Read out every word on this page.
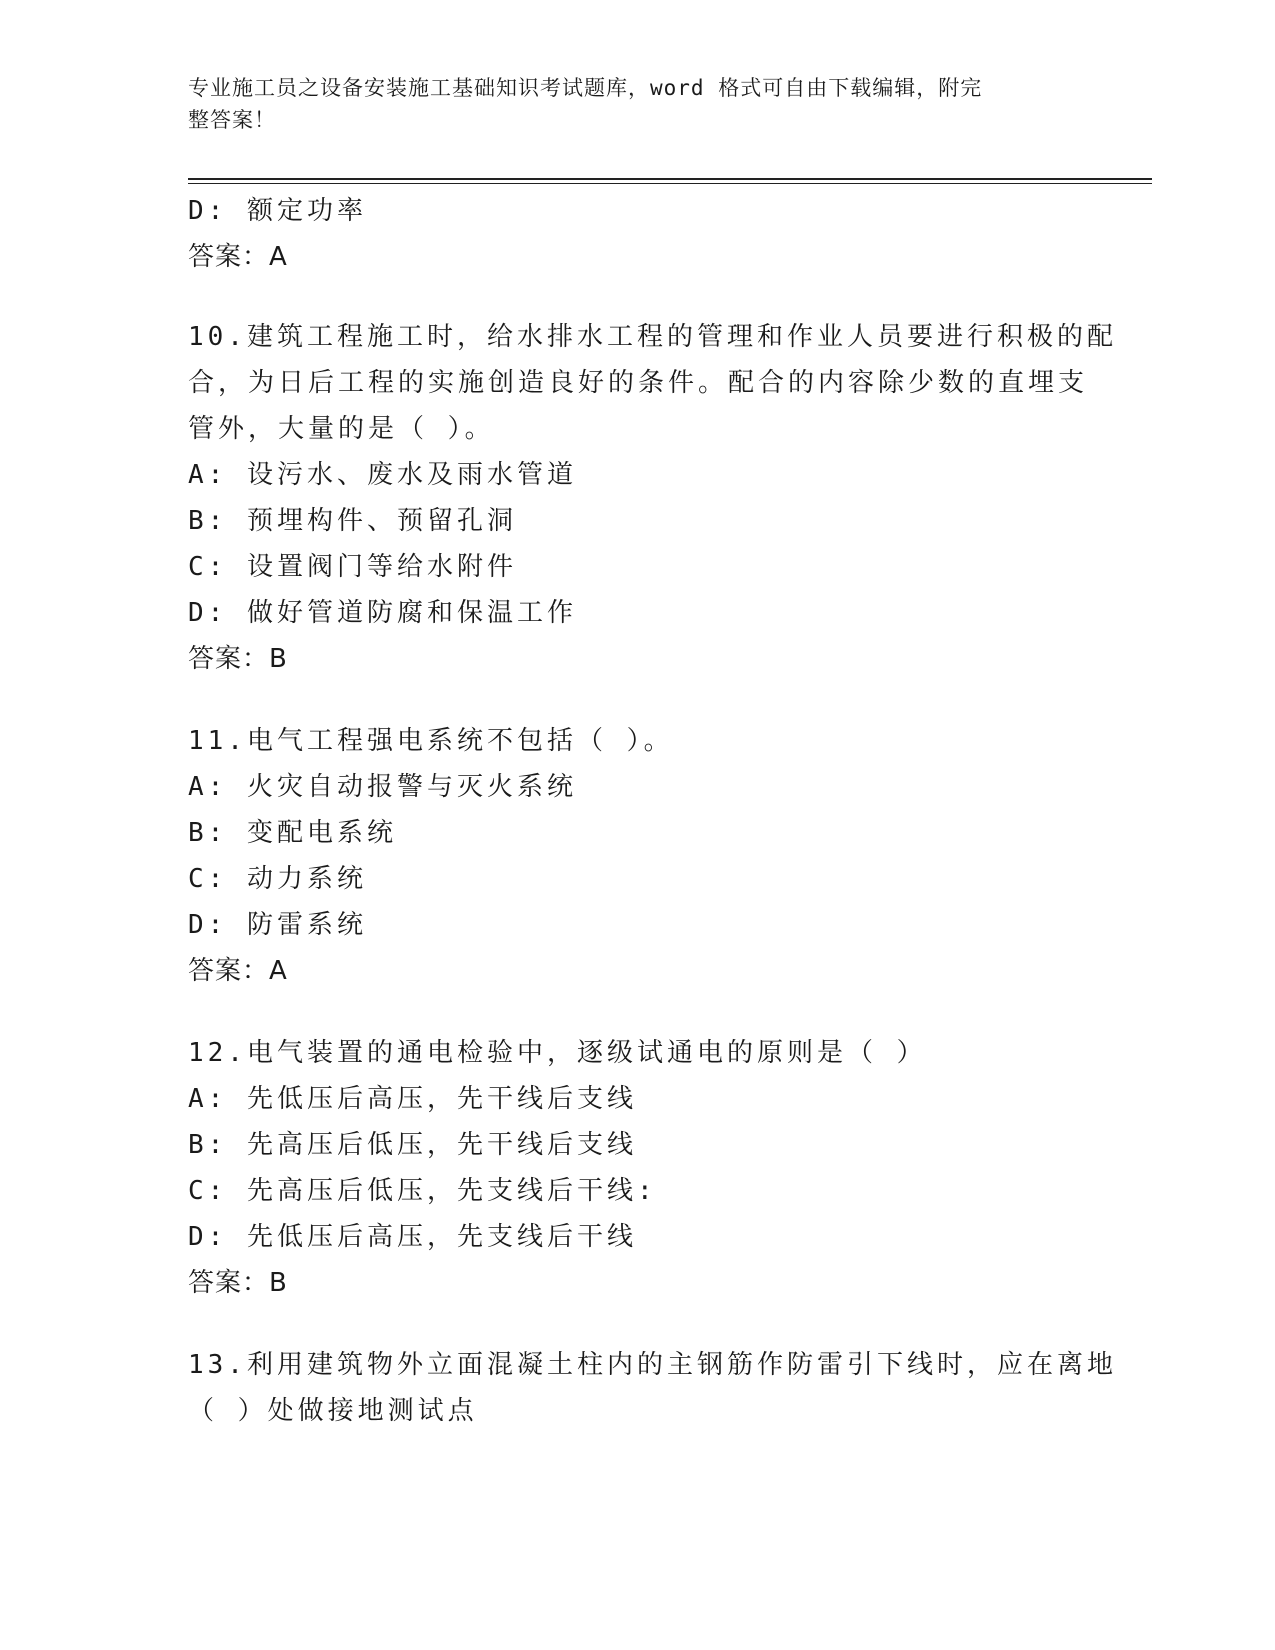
专业施工员之设备安装施工基础知识考试题库，word 格式可自由下载编辑，附完
整答案！
D: 额定功率
答案：A
10.建筑工程施工时，给水排水工程的管理和作业人员要进行积极的配
合，为日后工程的实施创造良好的条件。配合的内容除少数的直埋支
管外，大量的是（ ）。
A: 设污水、废水及雨水管道
B: 预埋构件、预留孔洞
C: 设置阀门等给水附件
D: 做好管道防腐和保温工作
答案：B
11.电气工程强电系统不包括（ ）。
A: 火灾自动报警与灭火系统
B: 变配电系统
C: 动力系统
D: 防雷系统
答案：A
12.电气装置的通电检验中，逐级试通电的原则是（ ）
A: 先低压后高压，先干线后支线
B: 先高压后低压，先干线后支线
C: 先高压后低压，先支线后干线:
D: 先低压后高压，先支线后干线
答案：B
13.利用建筑物外立面混凝土柱内的主钢筋作防雷引下线时，应在离地
（ ）处做接地测试点
